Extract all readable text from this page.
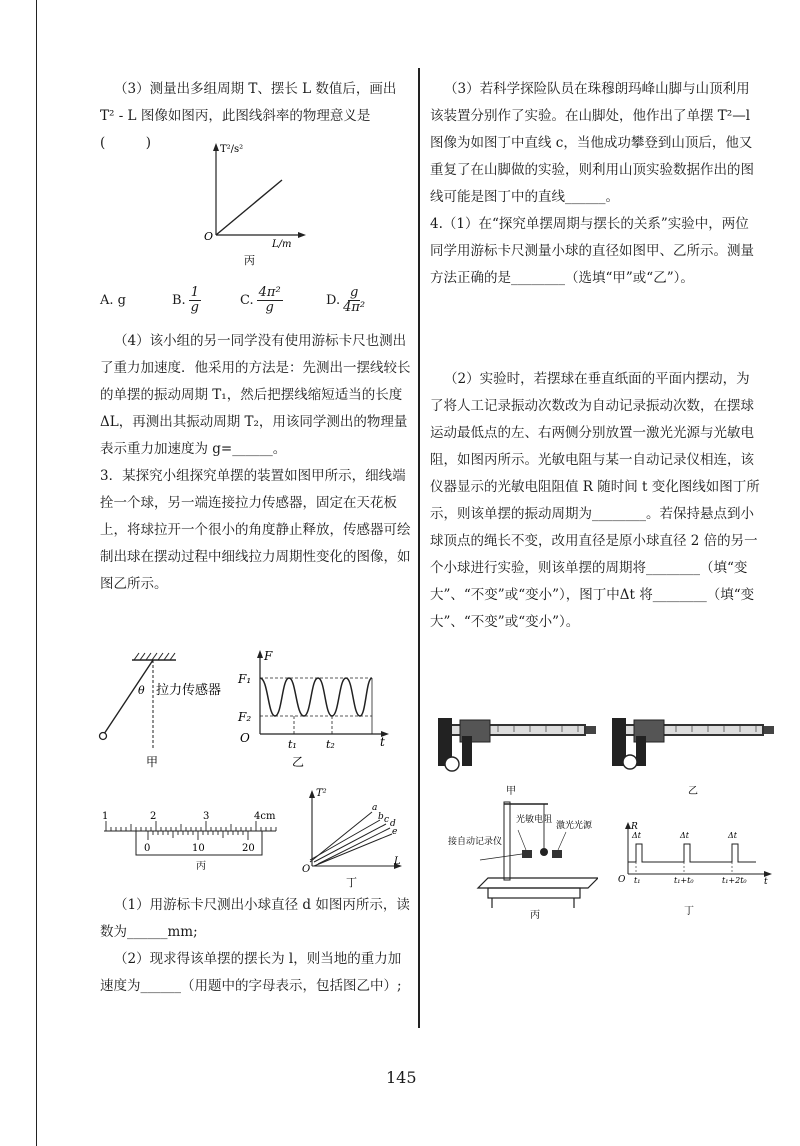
（3）测量出多组周期 T、摆长 L 数值后，画出 T² - L 图像如图丙，此图线斜率的物理意义是(　　　)	T²/s²
O
L/m
丙
A. g	B. $\frac{1}{g}$	C. $\frac{\text{4π²}}{g}$	D. $\frac{g}{\text{4π²}}$

（4）该小组的另一同学没有使用游标卡尺也测出了重力加速度．他采用的方法是：先测出一摆线较长的单摆的振动周期 T₁，然后把摆线缩短适当的长度ΔL，再测出其振动周期 T₂，用该同学测出的物理量表示重力加速度为 g=______。

3．某探究小组探究单摆的装置如图甲所示，细线端拴一个球，另一端连接拉力传感器，固定在天花板上，将球拉开一个很小的角度静止释放，传感器可绘制出球在摆动过程中细线拉力周期性变化的图像，如图乙所示。

θ 拉力传感器
甲
F
F₁
F₂
O	t₁	t₂	t
乙
1	2	3	4cm
0	10	20
丙
T²
O
L
a
b c d
e
丁

（1）用游标卡尺测出小球直径 d 如图丙所示，读数为______mm;

（2）现求得该单摆的摆长为 l，则当地的重力加速度为______（用题中的字母表示，包括图乙中）;

（3）若科学探险队员在珠穆朗玛峰山脚与山顶利用该装置分别作了实验。在山脚处，他作出了单摆 T²—l 图像为如图丁中直线 c，当他成功攀登到山顶后，他又重复了在山脚做的实验，则利用山顶实验数据作出的图线可能是图丁中的直线______。

4.（1）在“探究单摆周期与摆长的关系”实验中，两位同学用游标卡尺测量小球的直径如图甲、乙所示。测量方法正确的是________（选填“甲”或“乙”）。

（2）实验时，若摆球在垂直纸面的平面内摆动，为了将人工记录振动次数改为自动记录振动次数，在摆球运动最低点的左、右两侧分别放置一激光光源与光敏电阻，如图丙所示。光敏电阻与某一自动记录仪相连，该仪器显示的光敏电阻阻值 R 随时间 t 变化图线如图丁所示，则该单摆的振动周期为________。若保持悬点到小球顶点的绳长不变，改用直径是原小球直径 2 倍的另一个小球进行实验，则该单摆的周期将________（填“变大”、“不变”或“变小”），图丁中Δt 将________（填“变大”、“不变”或“变小”）。

甲	乙
光敏电阻
激光光源
接自动记录仪
丙
R
Δt	Δt	Δt
O t₁	t₁+t₀	t₁+2t₀ t
丁
145
